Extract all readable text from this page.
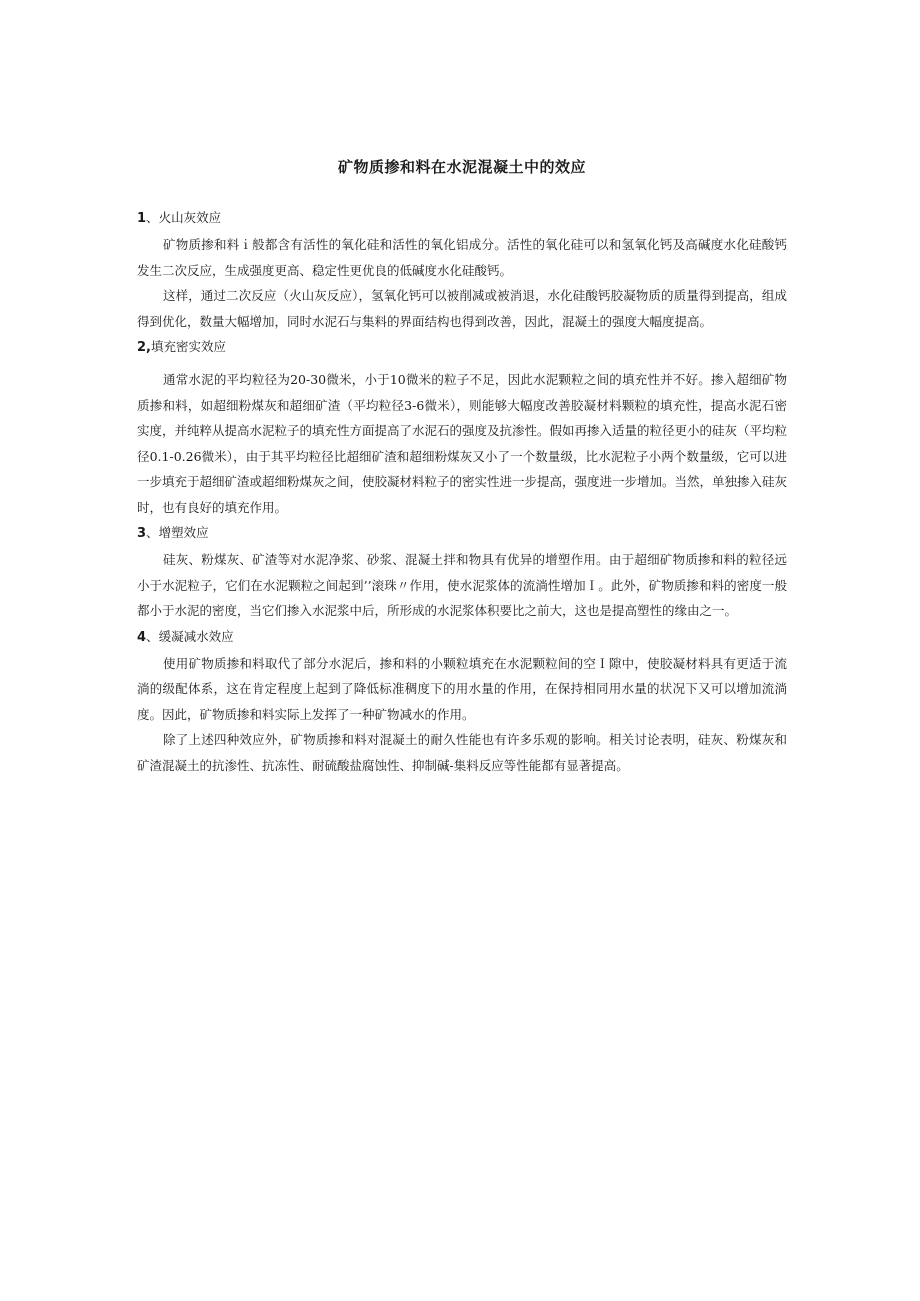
矿物质掺和料在水泥混凝土中的效应

1、火山灰效应

矿物质掺和料ｉ般都含有活性的氧化硅和活性的氧化铝成分。活性的氧化硅可以和氢氧化钙及高碱度水化硅酸钙发生二次反应，生成强度更高、稳定性更优良的低碱度水化硅酸钙。

这样，通过二次反应（火山灰反应），氢氧化钙可以被削减或被消退，水化硅酸钙胶凝物质的质量得到提高，组成得到优化，数量大幅增加，同时水泥石与集料的界面结构也得到改善，因此，混凝土的强度大幅度提高。

2,填充密实效应

通常水泥的平均粒径为20-30微米，小于10微米的粒子不足，因此水泥颗粒之间的填充性并不好。掺入超细矿物质掺和料，如超细粉煤灰和超细矿渣（平均粒径3-6微米），则能够大幅度改善胶凝材料颗粒的填充性，提高水泥石密实度，并纯粹从提高水泥粒子的填充性方面提高了水泥石的强度及抗渗性。假如再掺入适量的粒径更小的硅灰（平均粒径0.1-0.26微米），由于其平均粒径比超细矿渣和超细粉煤灰又小了一个数量级，比水泥粒子小两个数量级，它可以进一步填充于超细矿渣或超细粉煤灰之间，使胶凝材料粒子的密实性进一步提高，强度进一步增加。当然，单独掺入硅灰时，也有良好的填充作用。

3、增塑效应

硅灰、粉煤灰、矿渣等对水泥净浆、砂浆、混凝土拌和物具有优异的增塑作用。由于超细矿物质掺和料的粒径远小于水泥粒子，它们在水泥颗粒之间起到’’滚珠〃作用，使水泥浆体的流淌性增加Ｉ。此外，矿物质掺和料的密度一般都小于水泥的密度，当它们掺入水泥浆中后，所形成的水泥浆体积要比之前大，这也是提高塑性的缘由之一。

4、缓凝减水效应

使用矿物质掺和料取代了部分水泥后，掺和料的小颗粒填充在水泥颗粒间的空Ｉ隙中，使胶凝材料具有更适于流淌的级配体系，这在肯定程度上起到了降低标准稠度下的用水量的作用，在保持相同用水量的状况下又可以增加流淌度。因此，矿物质掺和料实际上发挥了一种矿物减水的作用。

除了上述四种效应外，矿物质掺和料对混凝土的耐久性能也有许多乐观的影响。相关讨论表明，硅灰、粉煤灰和矿渣混凝土的抗渗性、抗冻性、耐硫酸盐腐蚀性、抑制碱-集料反应等性能都有显著提高。
